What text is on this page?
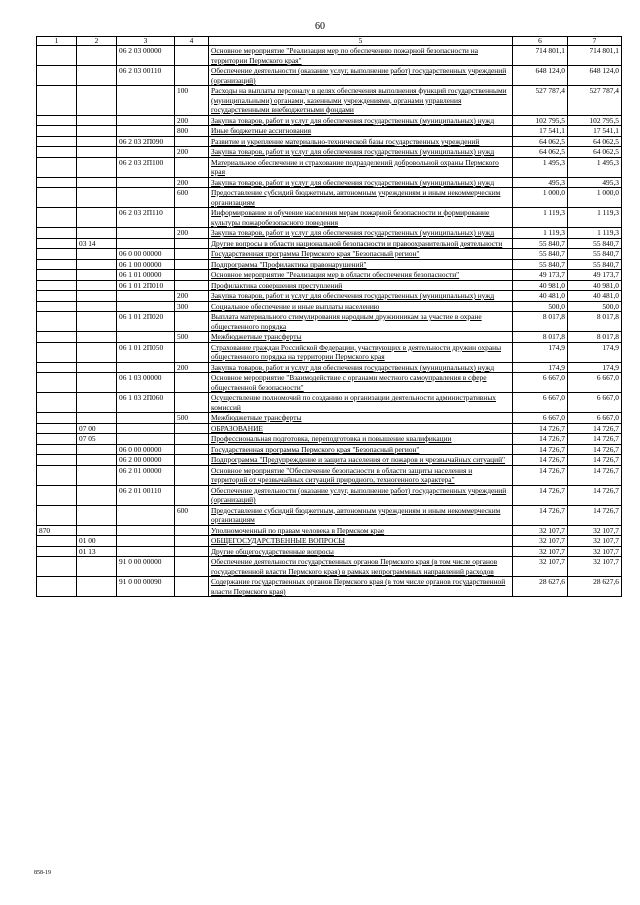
60
1	2	3	4	5	6	7
		06 2 03 00000		Основное мероприятие "Реализация мер по обеспечению пожарной безопасности на территории Пермского края"	714 801,1	714 801,1
		06 2 03 00110		Обеспечение деятельности (оказание услуг, выполнение работ) государственных учреждений (организаций)	648 124,0	648 124,0
			100	Расходы на выплаты персоналу в целях обеспечения выполнения функций государственными (муниципальными) органами, казенными учреждениями, органами управления государственными внебюджетными фондами	527 787,4	527 787,4
			200	Закупка товаров, работ и услуг для обеспечения государственных (муниципальных) нужд	102 795,5	102 795,5
			800	Иные бюджетные ассигнования	17 541,1	17 541,1
		06 2 03 2П090		Развитие и укрепление материально-технической базы государственных учреждений	64 062,5	64 062,5
			200	Закупка товаров, работ и услуг для обеспечения государственных (муниципальных) нужд	64 062,5	64 062,5
		06 2 03 2П100		Материальное обеспечение и страхование подразделений добровольной охраны Пермского края	1 495,3	1 495,3
			200	Закупка товаров, работ и услуг для обеспечения государственных (муниципальных) нужд	495,3	495,3
			600	Предоставление субсидий бюджетным, автономным учреждениям и иным некоммерческим организациям	1 000,0	1 000,0
		06 2 03 2П110		Информирование и обучение населения мерам пожарной безопасности и формирование культуры пожаробезопасного поведения	1 119,3	1 119,3
			200	Закупка товаров, работ и услуг для обеспечения государственных (муниципальных) нужд	1 119,3	1 119,3
	03 14			Другие вопросы в области национальной безопасности и правоохранительной деятельности	55 840,7	55 840,7
		06 0 00 00000		Государственная программа Пермского края "Безопасный регион"	55 840,7	55 840,7
		06 1 00 00000		Подпрограмма "Профилактика правонарушений"	55 840,7	55 840,7
		06 1 01 00000		Основное мероприятие "Реализация мер в области обеспечения безопасности"	49 173,7	49 173,7
		06 1 01 2П010		Профилактика совершения преступлений	40 981,0	40 981,0
			200	Закупка товаров, работ и услуг для обеспечения государственных (муниципальных) нужд	40 481,0	40 481,0
			300	Социальное обеспечение и иные выплаты населению	500,0	500,0
		06 1 01 2П020		Выплата материального стимулирования народным дружинникам за участие в охране общественного порядка	8 017,8	8 017,8
			500	Межбюджетные трансферты	8 017,8	8 017,8
		06 1 01 2П050		Страхование граждан Российской Федерации, участвующих в деятельности дружин охраны общественного порядка на территории Пермского края	174,9	174,9
			200	Закупка товаров, работ и услуг для обеспечения государственных (муниципальных) нужд	174,9	174,9
		06 1 03 00000		Основное мероприятие "Взаимодействие с органами местного самоуправления в сфере общественной безопасности"	6 667,0	6 667,0
		06 1 03 2П060		Осуществление полномочий по созданию и организации деятельности административных комиссий	6 667,0	6 667,0
			500	Межбюджетные трансферты	6 667,0	6 667,0
	07 00			ОБРАЗОВАНИЕ	14 726,7	14 726,7
	07 05			Профессиональная подготовка, переподготовка и повышение квалификации	14 726,7	14 726,7
		06 0 00 00000		Государственная программа Пермского края "Безопасный регион"	14 726,7	14 726,7
		06 2 00 00000		Подпрограмма "Предупреждение и защита населения от пожаров и чрезвычайных ситуаций"	14 726,7	14 726,7
		06 2 01 00000		Основное мероприятие "Обеспечение безопасности в области защиты населения и территорий от чрезвычайных ситуаций природного, техногенного характера"	14 726,7	14 726,7
		06 2 01 00110		Обеспечение деятельности (оказание услуг, выполнение работ) государственных учреждений (организаций)	14 726,7	14 726,7
			600	Предоставление субсидий бюджетным, автономным учреждениям и иным некоммерческим организациям	14 726,7	14 726,7
870				Уполномоченный по правам человека в Пермском крае	32 107,7	32 107,7
	01 00			ОБЩЕГОСУДАРСТВЕННЫЕ ВОПРОСЫ	32 107,7	32 107,7
	01 13			Другие общегосударственные вопросы	32 107,7	32 107,7
		91 0 00 00000		Обеспечение деятельности государственных органов Пермского края (в том числе органов государственной власти Пермского края) в рамках непрограммных направлений расходов	32 107,7	32 107,7
		91 0 00 00090		Содержание государственных органов Пермского края (в том числе органов государственной власти Пермского края)	28 627,6	28 627,6
858-19
